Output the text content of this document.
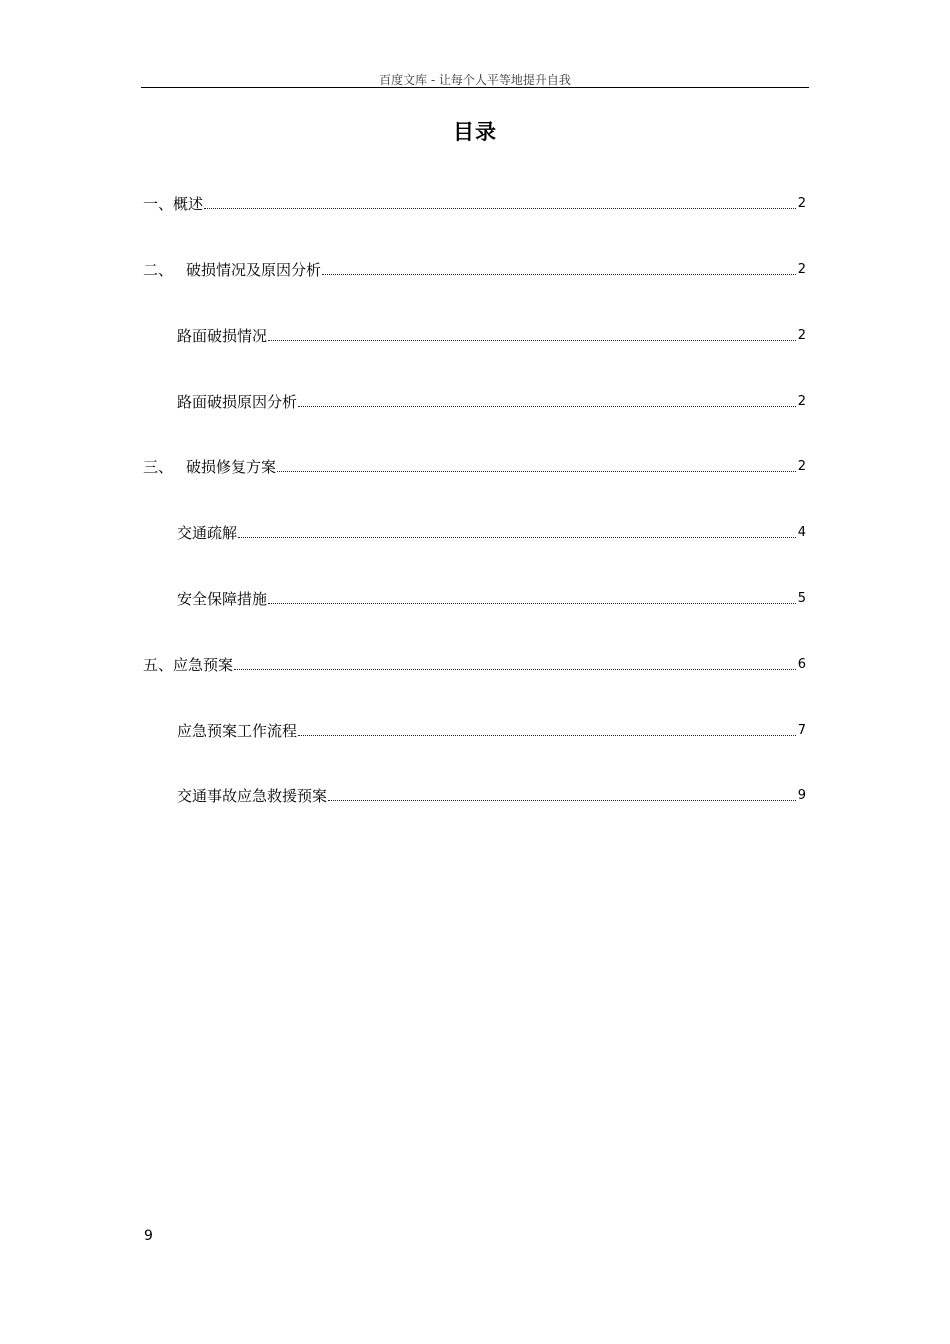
百度文库 - 让每个人平等地提升自我
目录
一、 概述	2
二、 破损情况及原因分析	2
路面破损情况	2
路面破损原因分析	2
三、 破损修复方案	2
交通疏解	4
安全保障措施	5
五、 应急预案	6
应急预案工作流程	7
交通事故应急救援预案	9
9
